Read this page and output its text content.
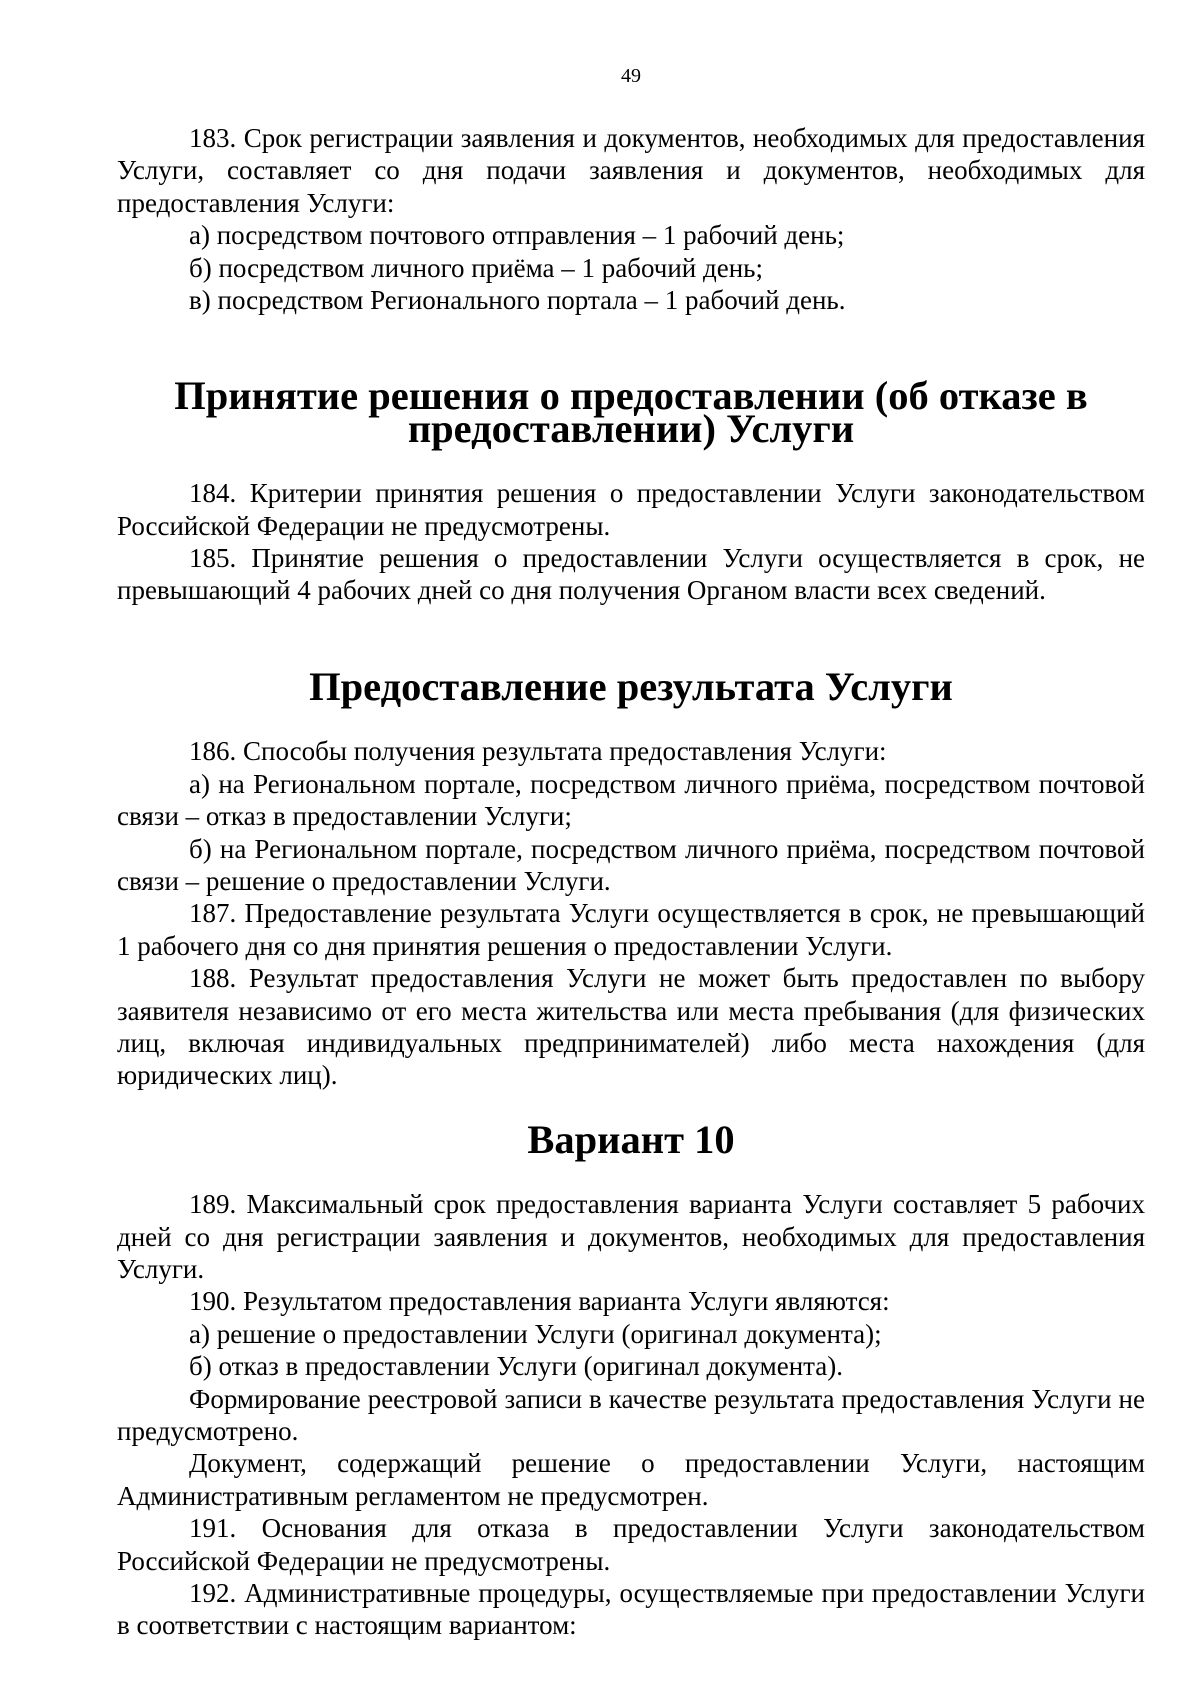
49

183. Срок регистрации заявления и документов, необходимых для предоставления Услуги, составляет со дня подачи заявления и документов, необходимых для предоставления Услуги:

а) посредством почтового отправления – 1 рабочий день;

б) посредством личного приёма – 1 рабочий день;

в) посредством Регионального портала – 1 рабочий день.

Принятие решения о предоставлении (об отказе в предоставлении) Услуги

184. Критерии принятия решения о предоставлении Услуги законодательством Российской Федерации не предусмотрены.

185. Принятие решения о предоставлении Услуги осуществляется в срок, не превышающий 4 рабочих дней со дня получения Органом власти всех сведений.

Предоставление результата Услуги

186. Способы получения результата предоставления Услуги:

а) на Региональном портале, посредством личного приёма, посредством почтовой связи – отказ в предоставлении Услуги;

б) на Региональном портале, посредством личного приёма, посредством почтовой связи – решение о предоставлении Услуги.

187. Предоставление результата Услуги осуществляется в срок, не превышающий 1 рабочего дня со дня принятия решения о предоставлении Услуги.

188. Результат предоставления Услуги не может быть предоставлен по выбору заявителя независимо от его места жительства или места пребывания (для физических лиц, включая индивидуальных предпринимателей) либо места нахождения (для юридических лиц).

Вариант 10

189. Максимальный срок предоставления варианта Услуги составляет 5 рабочих дней со дня регистрации заявления и документов, необходимых для предоставления Услуги.

190. Результатом предоставления варианта Услуги являются:

а) решение о предоставлении Услуги (оригинал документа);

б) отказ в предоставлении Услуги (оригинал документа).

Формирование реестровой записи в качестве результата предоставления Услуги не предусмотрено.

Документ, содержащий решение о предоставлении Услуги, настоящим Административным регламентом не предусмотрен.

191. Основания для отказа в предоставлении Услуги законодательством Российской Федерации не предусмотрены.

192. Административные процедуры, осуществляемые при предоставлении Услуги в соответствии с настоящим вариантом:
